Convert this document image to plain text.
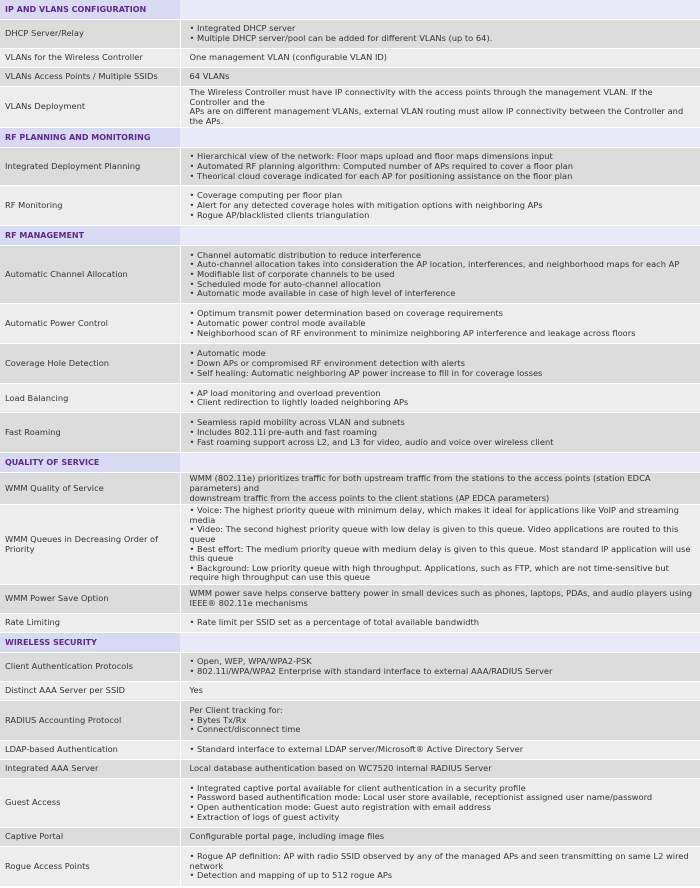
IP AND VLANS CONFIGURATION	
DHCP Server/Relay	• Integrated DHCP server
• Multiple DHCP server/pool can be added for different VLANs (up to 64).

VLANs for the Wireless Controller	One management VLAN (configurable VLAN ID)

VLANs Access Points / Multiple SSIDs	64 VLANs

VLANs Deployment	The Wireless Controller must have IP connectivity with the access points through the management VLAN. If the Controller and the
APs are on different management VLANs, external VLAN routing must allow IP connectivity between the Controller and the APs.

RF PLANNING AND MONITORING	
Integrated Deployment Planning	• Hierarchical view of the network: Floor maps upload and floor maps dimensions input
• Automated RF planning algorithm: Computed number of APs required to cover a floor plan
• Theorical cloud coverage indicated for each AP for positioning assistance on the floor plan

RF Monitoring	• Coverage computing per floor plan
• Alert for any detected coverage holes with mitigation options with neighboring APs
• Rogue AP/blacklisted clients triangulation

RF MANAGEMENT	
Automatic Channel Allocation	• Channel automatic distribution to reduce interference
• Auto-channel allocation takes into consideration the AP location, interferences, and neighborhood maps for each AP
• Modifiable list of corporate channels to be used
• Scheduled mode for auto-channel allocation
• Automatic mode available in case of high level of interference

Automatic Power Control	• Optimum transmit power determination based on coverage requirements
• Automatic power control mode available
• Neighborhood scan of RF environment to minimize neighboring AP interference and leakage across floors

Coverage Hole Detection	• Automatic mode
• Down APs or compromised RF environment detection with alerts
• Self healing: Automatic neighboring AP power increase to fill in for coverage losses

Load Balancing	• AP load monitoring and overload prevention
• Client redirection to lightly loaded neighboring APs

Fast Roaming	• Seamless rapid mobility across VLAN and subnets
• Includes 802.11i pre-auth and fast roaming
• Fast roaming support across L2, and L3 for video, audio and voice over wireless client

QUALITY OF SERVICE	
WMM Quality of Service	WMM (802.11e) prioritizes traffic for both upstream traffic from the stations to the access points (station EDCA parameters) and
downstream traffic from the access points to the client stations (AP EDCA parameters)

WMM Queues in Decreasing Order of Priority	• Voice: The highest priority queue with minimum delay, which makes it ideal for applications like VoIP and streaming media
• Video: The second highest priority queue with low delay is given to this queue. Video applications are routed to this queue
• Best effort: The medium priority queue with medium delay is given to this queue. Most standard IP application will use this queue
• Background: Low priority queue with high throughput. Applications, such as FTP, which are not time-sensitive but require high throughput can use this queue

WMM Power Save Option	WMM power save helps conserve battery power in small devices such as phones, laptops, PDAs, and audio players using IEEE® 802.11e mechanisms

Rate Limiting	• Rate limit per SSID set as a percentage of total available bandwidth

WIRELESS SECURITY	
Client Authentication Protocols	• Open, WEP, WPA/WPA2-PSK
• 802.11i/WPA/WPA2 Enterprise with standard interface to external AAA/RADIUS Server

Distinct AAA Server per SSID	Yes

RADIUS Accounting Protocol	Per Client tracking for:
• Bytes Tx/Rx
• Connect/disconnect time

LDAP-based Authentication	• Standard interface to external LDAP server/Microsoft® Active Directory Server

Integrated AAA Server	Local database authentication based on WC7520 internal RADIUS Server

Guest Access	• Integrated captive portal available for client authentication in a security profile
• Password based authentification mode: Local user store available, receptionist assigned user name/password
• Open authentication mode: Guest auto registration with email address
• Extraction of logs of guest activity

Captive Portal	Configurable portal page, including image files

Rogue Access Points	• Rogue AP definition: AP with radio SSID observed by any of the managed APs and seen transmitting on same L2 wired network
• Detection and mapping of up to 512 rogue APs
